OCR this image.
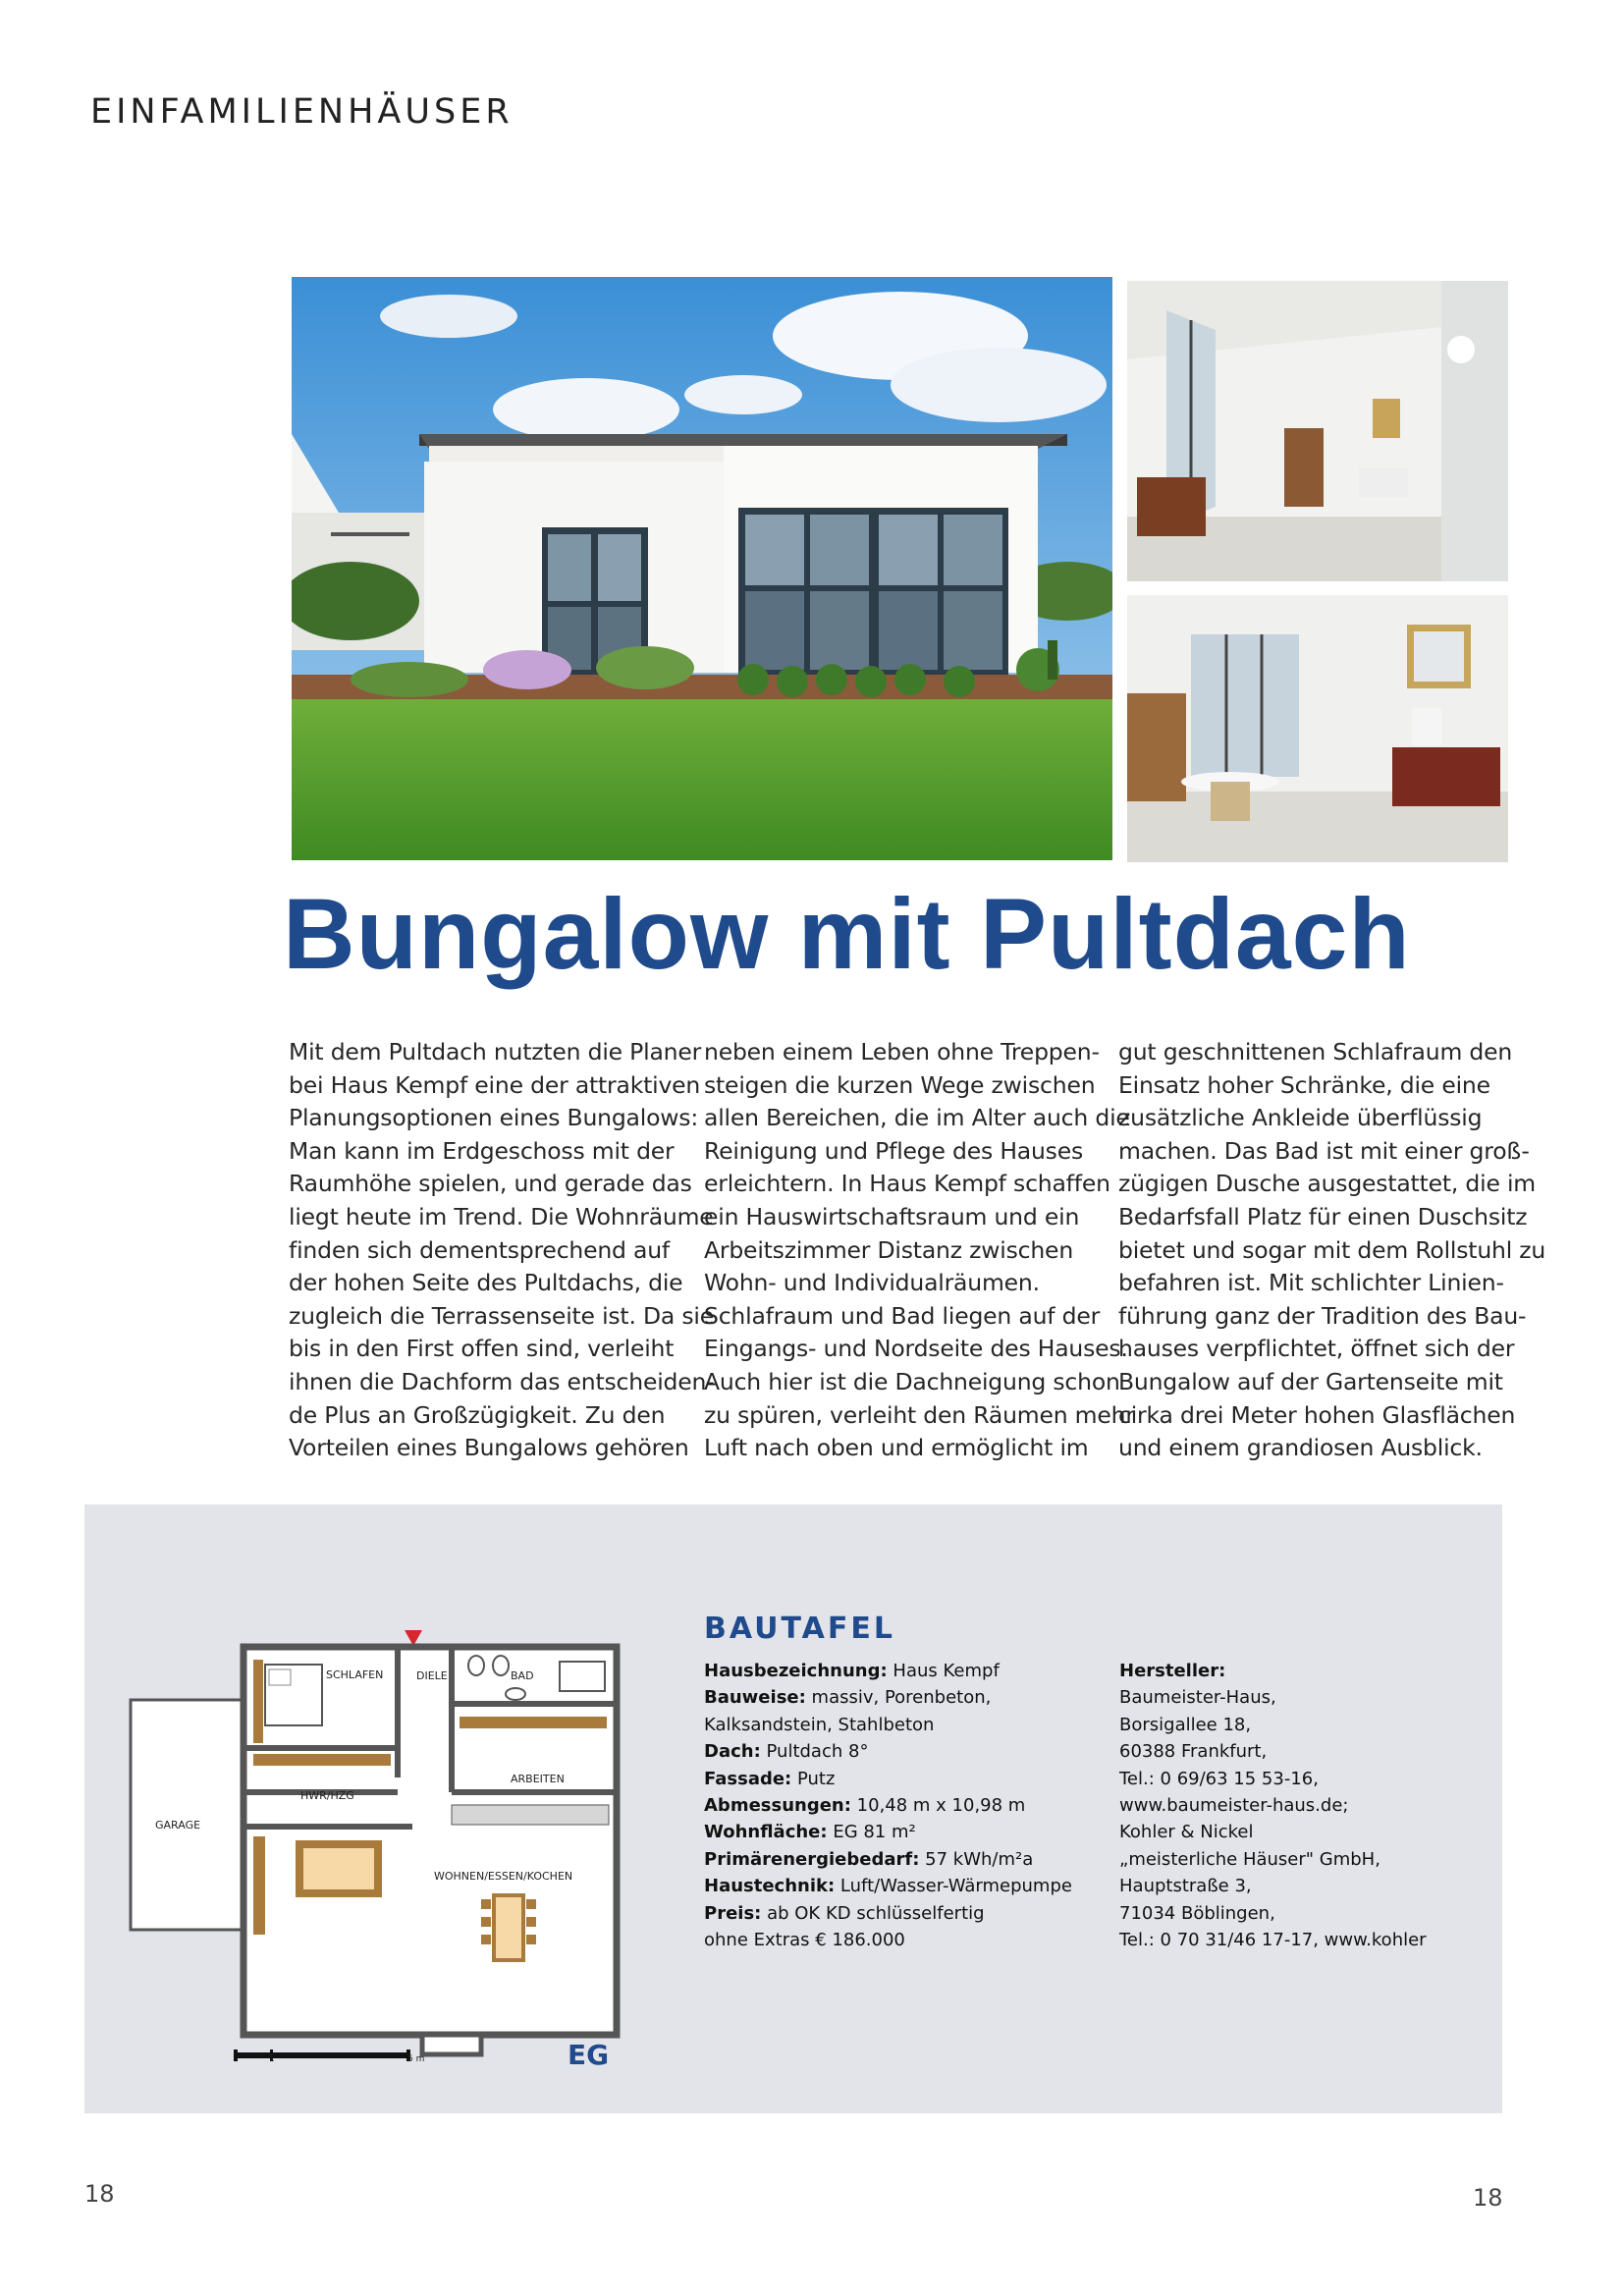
EINFAMILIENHÄUSER
Bungalow mit Pultdach
Mit dem Pultdach nutzten die Planer
bei Haus Kempf eine der attraktiven
Planungsoptionen eines Bungalows:
Man kann im Erdgeschoss mit der
Raumhöhe spielen, und gerade das
liegt heute im Trend. Die Wohnräume
finden sich dementsprechend auf
der hohen Seite des Pultdachs, die
zugleich die Terrassenseite ist. Da sie
bis in den First offen sind, verleiht
ihnen die Dachform das entscheiden-
de Plus an Großzügigkeit. Zu den
Vorteilen eines Bungalows gehören
neben einem Leben ohne Treppen-
steigen die kurzen Wege zwischen
allen Bereichen, die im Alter auch die
Reinigung und Pflege des Hauses
erleichtern. In Haus Kempf schaffen
ein Hauswirtschaftsraum und ein
Arbeitszimmer Distanz zwischen
Wohn- und Individualräumen.
Schlafraum und Bad liegen auf der
Eingangs- und Nordseite des Hauses.
Auch hier ist die Dachneigung schon
zu spüren, verleiht den Räumen mehr
Luft nach oben und ermöglicht im
gut geschnittenen Schlafraum den
Einsatz hoher Schränke, die eine
zusätzliche Ankleide überflüssig
machen. Das Bad ist mit einer groß-
zügigen Dusche ausgestattet, die im
Bedarfsfall Platz für einen Duschsitz
bietet und sogar mit dem Rollstuhl zu
befahren ist. Mit schlichter Linien-
führung ganz der Tradition des Bau-
hauses verpflichtet, öffnet sich der
Bungalow auf der Gartenseite mit
cirka drei Meter hohen Glasflächen
und einem grandiosen Ausblick.
SCHLAFEN	DIELE	BAD
ARBEITEN
HWR/HZG
GARAGE
WOHNEN/ESSEN/KOCHEN
1	5 m	EG
BAUTAFEL
Hausbezeichnung: Haus Kempf
Bauweise: massiv, Porenbeton,
Kalksandstein, Stahlbeton
Dach: Pultdach 8°
Fassade: Putz
Abmessungen: 10,48 m x 10,98 m
Wohnfläche: EG 81 m²
Primärenergiebedarf: 57 kWh/m²a
Haustechnik: Luft/Wasser-Wärmepumpe
Preis: ab OK KD schlüsselfertig
ohne Extras € 186.000
Hersteller:
Baumeister-Haus,
Borsigallee 18,
60388 Frankfurt,
Tel.: 0 69/63 15 53-16,
www.baumeister-haus.de;
Kohler & Nickel
„meisterliche Häuser" GmbH,
Hauptstraße 3,
71034 Böblingen,
Tel.: 0 70 31/46 17-17, www.kohler
18	18
